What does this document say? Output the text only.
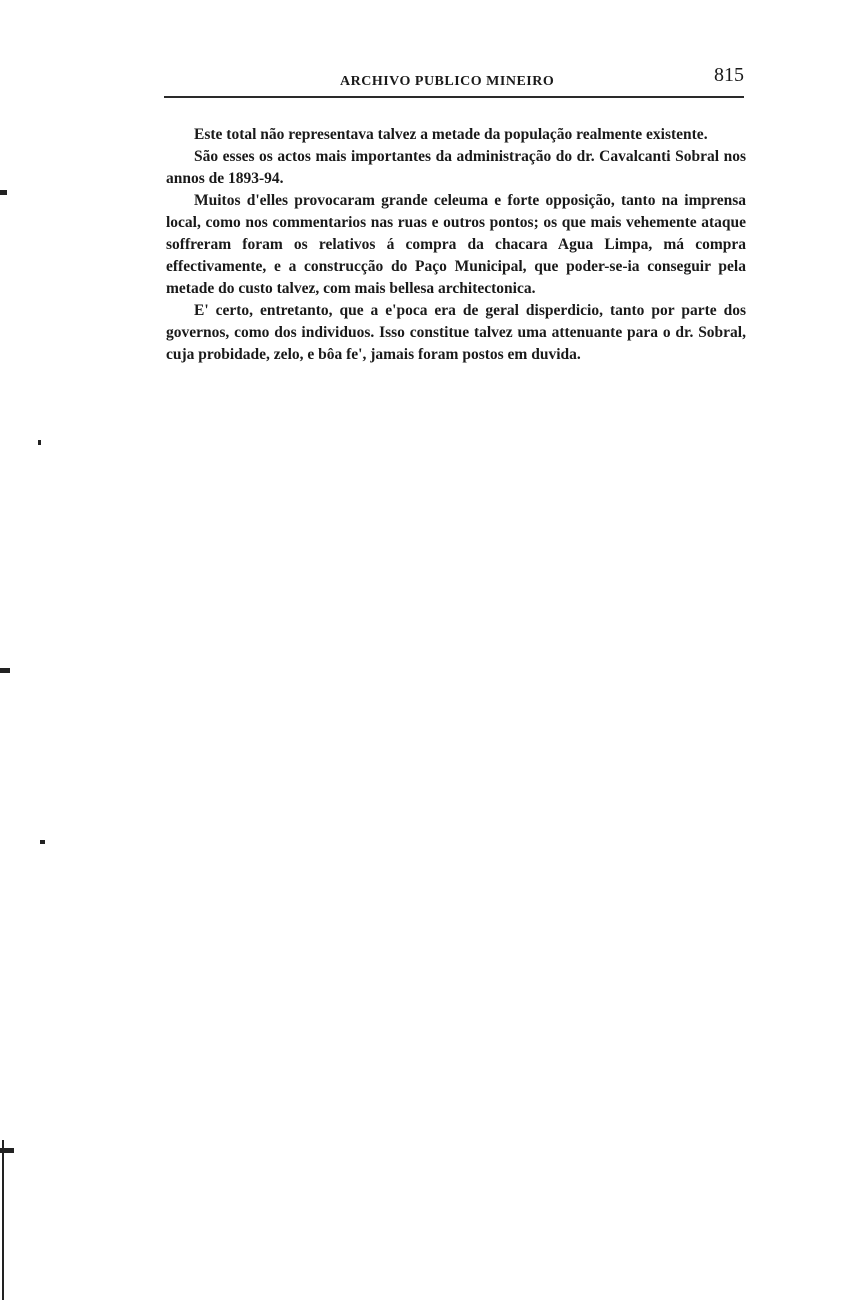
ARCHIVO PUBLICO MINEIRO	815

Este total não representava talvez a metade da população realmente existente.

São esses os actos mais importantes da administração do dr. Cavalcanti Sobral nos annos de 1893-94.

Muitos d'elles provocaram grande celeuma e forte opposição, tanto na imprensa local, como nos commentarios nas ruas e outros pontos; os que mais vehemente ataque soffreram foram os relativos á compra da chacara Agua Limpa, má compra effectivamente, e a construcção do Paço Municipal, que poder-se-ia conseguir pela metade do custo talvez, com mais bellesa architectonica.

E' certo, entretanto, que a e'poca era de geral disperdicio, tanto por parte dos governos, como dos individuos. Isso constitue talvez uma attenuante para o dr. Sobral, cuja probidade, zelo, e bôa fe', jamais foram postos em duvida.
